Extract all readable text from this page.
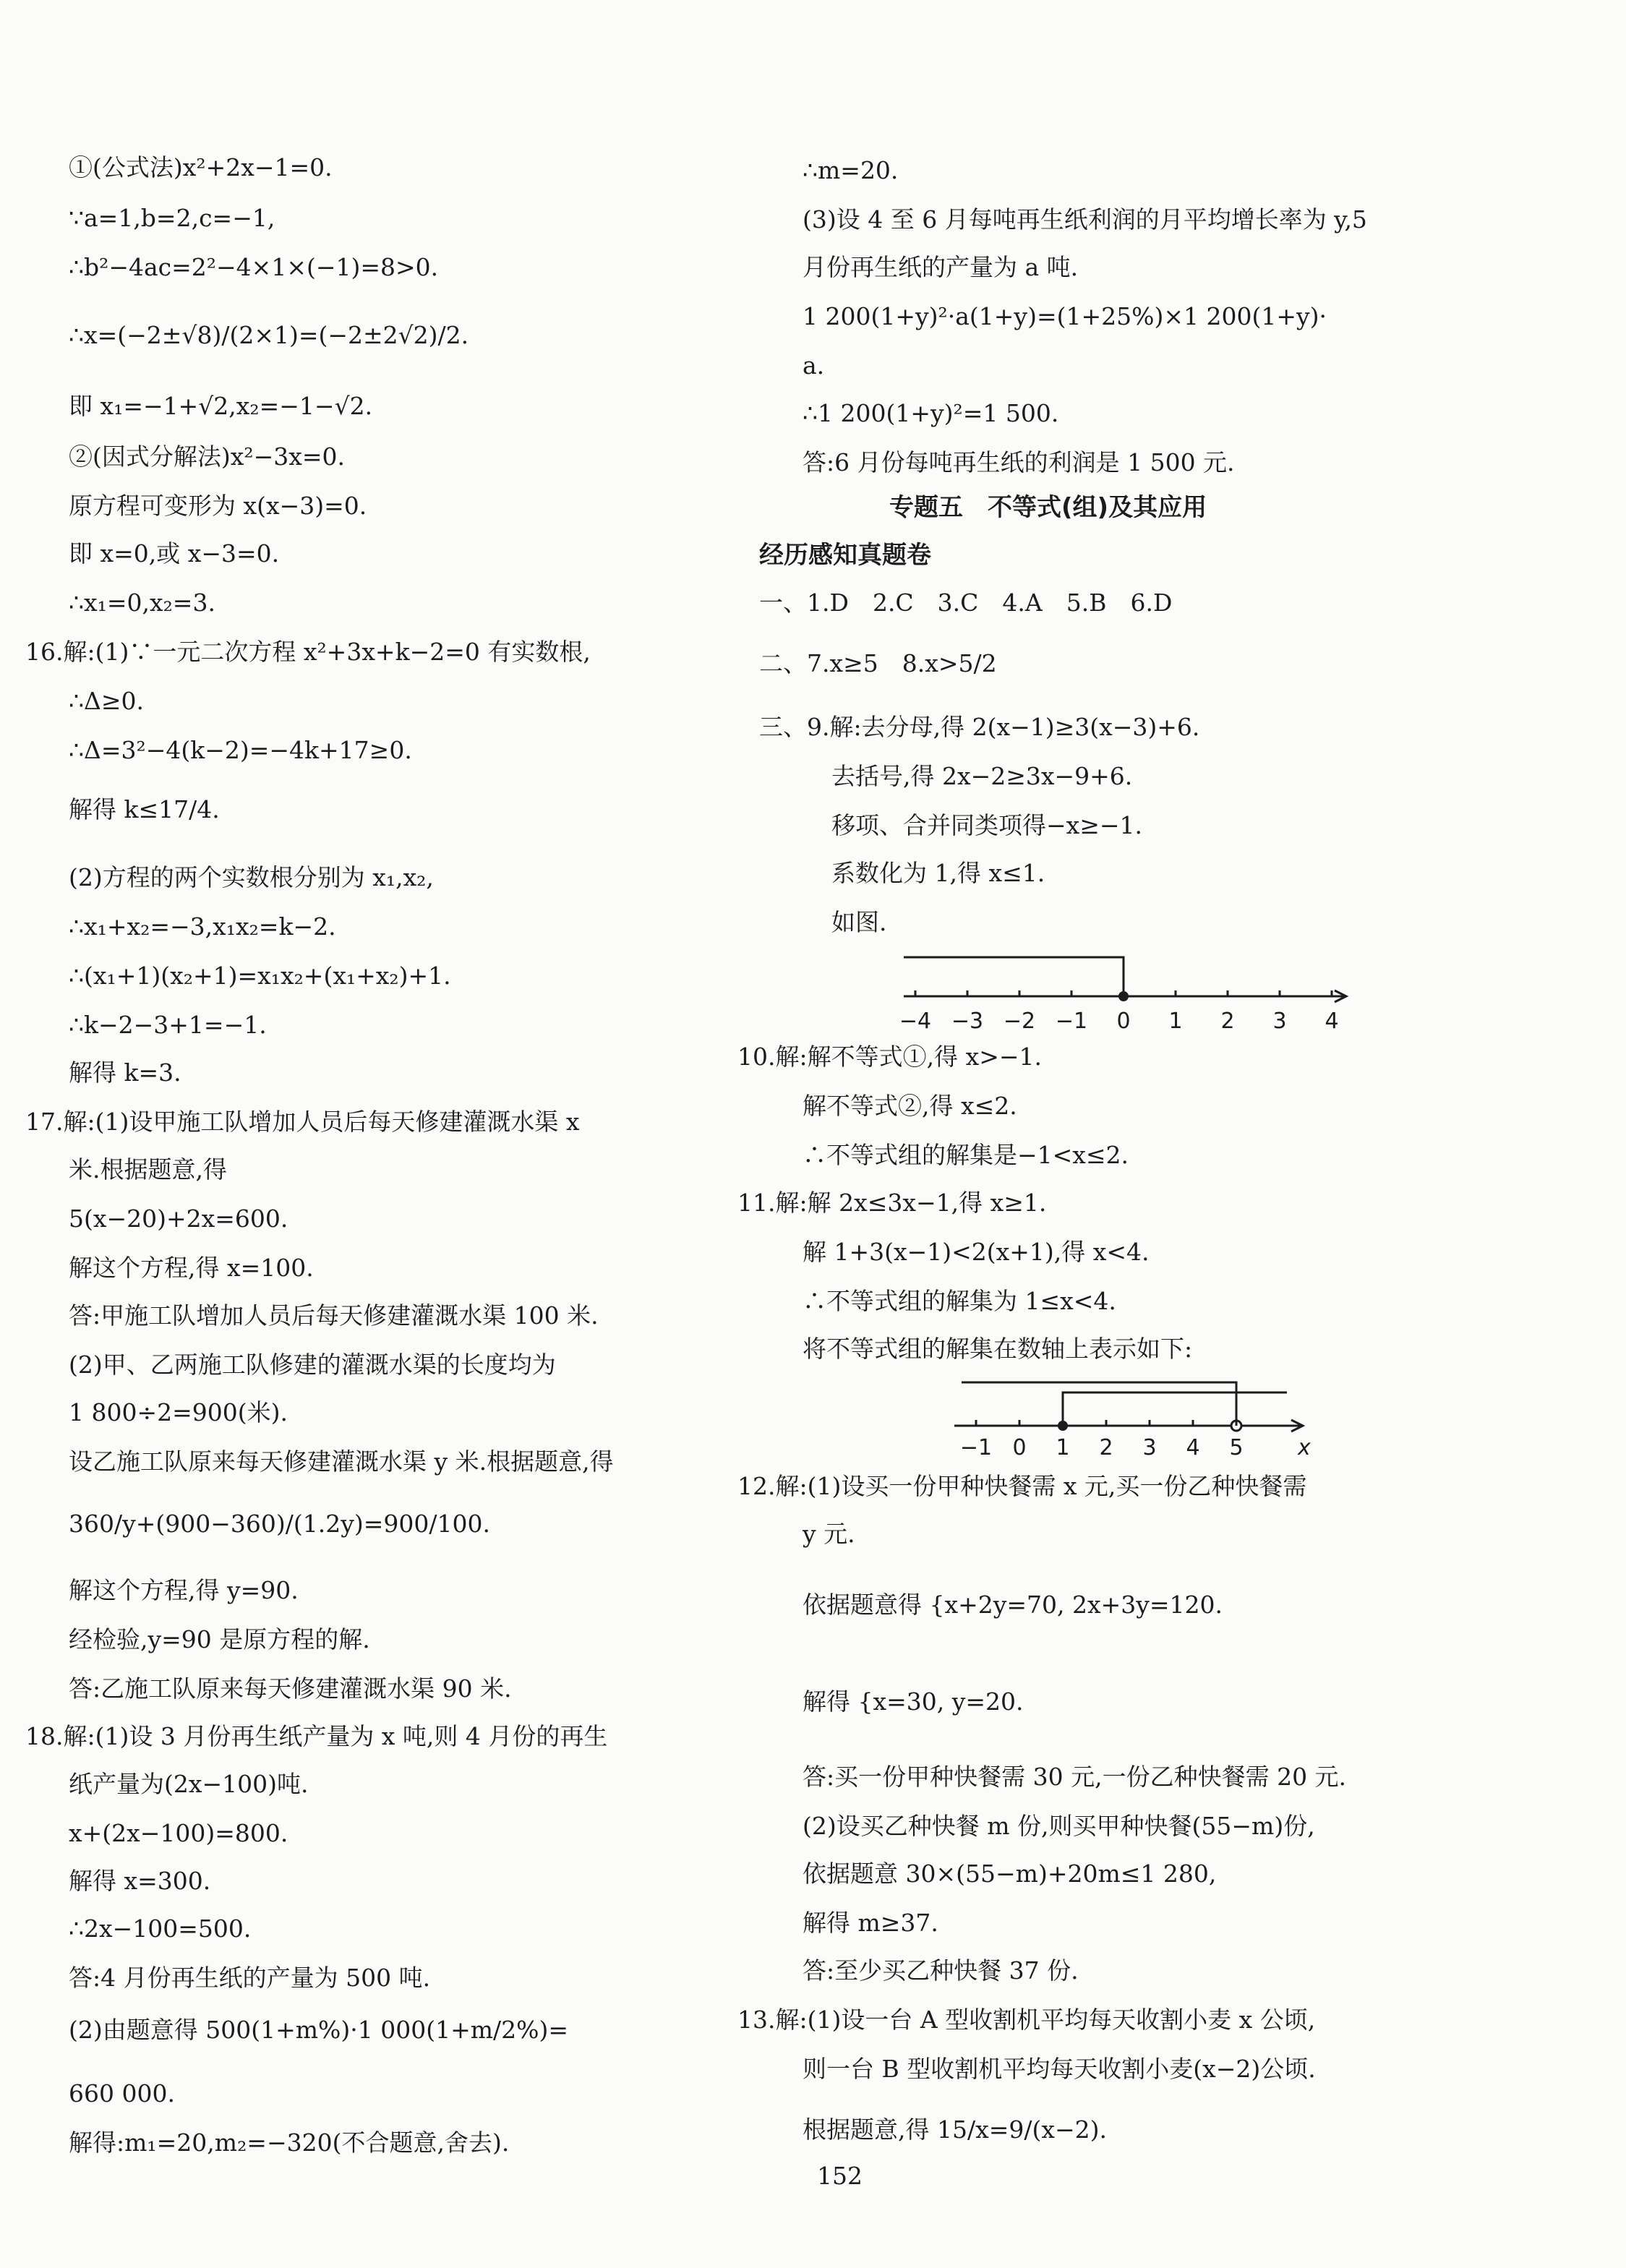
①(公式法)x²+2x−1=0.
∵a=1,b=2,c=−1,
∴b²−4ac=2²−4×1×(−1)=8>0.
∴x=(−2±√8)/(2×1)=(−2±2√2)/2.
即 x₁=−1+√2,x₂=−1−√2.
②(因式分解法)x²−3x=0.
原方程可变形为 x(x−3)=0.
即 x=0,或 x−3=0.
∴x₁=0,x₂=3.
16.解:(1)∵一元二次方程 x²+3x+k−2=0 有实数根,
∴Δ≥0.
∴Δ=3²−4(k−2)=−4k+17≥0.
解得 k≤17/4.
(2)方程的两个实数根分别为 x₁,x₂,
∴x₁+x₂=−3,x₁x₂=k−2.
∴(x₁+1)(x₂+1)=x₁x₂+(x₁+x₂)+1.
∴k−2−3+1=−1.
解得 k=3.
17.解:(1)设甲施工队增加人员后每天修建灌溉水渠 x
米.根据题意,得
5(x−20)+2x=600.
解这个方程,得 x=100.
答:甲施工队增加人员后每天修建灌溉水渠 100 米.
(2)甲、乙两施工队修建的灌溉水渠的长度均为
1 800÷2=900(米).
设乙施工队原来每天修建灌溉水渠 y 米.根据题意,得
360/y+(900−360)/(1.2y)=900/100.
解这个方程,得 y=90.
经检验,y=90 是原方程的解.
答:乙施工队原来每天修建灌溉水渠 90 米.
18.解:(1)设 3 月份再生纸产量为 x 吨,则 4 月份的再生
纸产量为(2x−100)吨.
x+(2x−100)=800.
解得 x=300.
∴2x−100=500.
答:4 月份再生纸的产量为 500 吨.
(2)由题意得 500(1+m%)·1 000(1+m/2%)=
660 000.
解得:m₁=20,m₂=−320(不合题意,舍去).
∴m=20.
(3)设 4 至 6 月每吨再生纸利润的月平均增长率为 y,5
月份再生纸的产量为 a 吨.
1 200(1+y)²·a(1+y)=(1+25%)×1 200(1+y)·
a.
∴1 200(1+y)²=1 500.
答:6 月份每吨再生纸的利润是 1 500 元.
专题五　不等式(组)及其应用
经历感知真题卷
一、1.D　2.C　3.C　4.A　5.B　6.D
二、7.x≥5　8.x>5/2
三、9.解:去分母,得 2(x−1)≥3(x−3)+6.
去括号,得 2x−2≥3x−9+6.
移项、合并同类项得−x≥−1.
系数化为 1,得 x≤1.
如图.
−4 −3 −2 −1 0 1 2 3 4
10.解:解不等式①,得 x>−1.
解不等式②,得 x≤2.
∴不等式组的解集是−1<x≤2.
11.解:解 2x≤3x−1,得 x≥1.
解 1+3(x−1)<2(x+1),得 x<4.
∴不等式组的解集为 1≤x<4.
将不等式组的解集在数轴上表示如下:
−1 0 1 2 3 4 5	x
12.解:(1)设买一份甲种快餐需 x 元,买一份乙种快餐需
y 元.
依据题意得 {x+2y=70, 2x+3y=120.
解得 {x=30, y=20.
答:买一份甲种快餐需 30 元,一份乙种快餐需 20 元.
(2)设买乙种快餐 m 份,则买甲种快餐(55−m)份,
依据题意 30×(55−m)+20m≤1 280,
解得 m≥37.
答:至少买乙种快餐 37 份.
13.解:(1)设一台 A 型收割机平均每天收割小麦 x 公顷,
则一台 B 型收割机平均每天收割小麦(x−2)公顷.
根据题意,得 15/x=9/(x−2).
152
